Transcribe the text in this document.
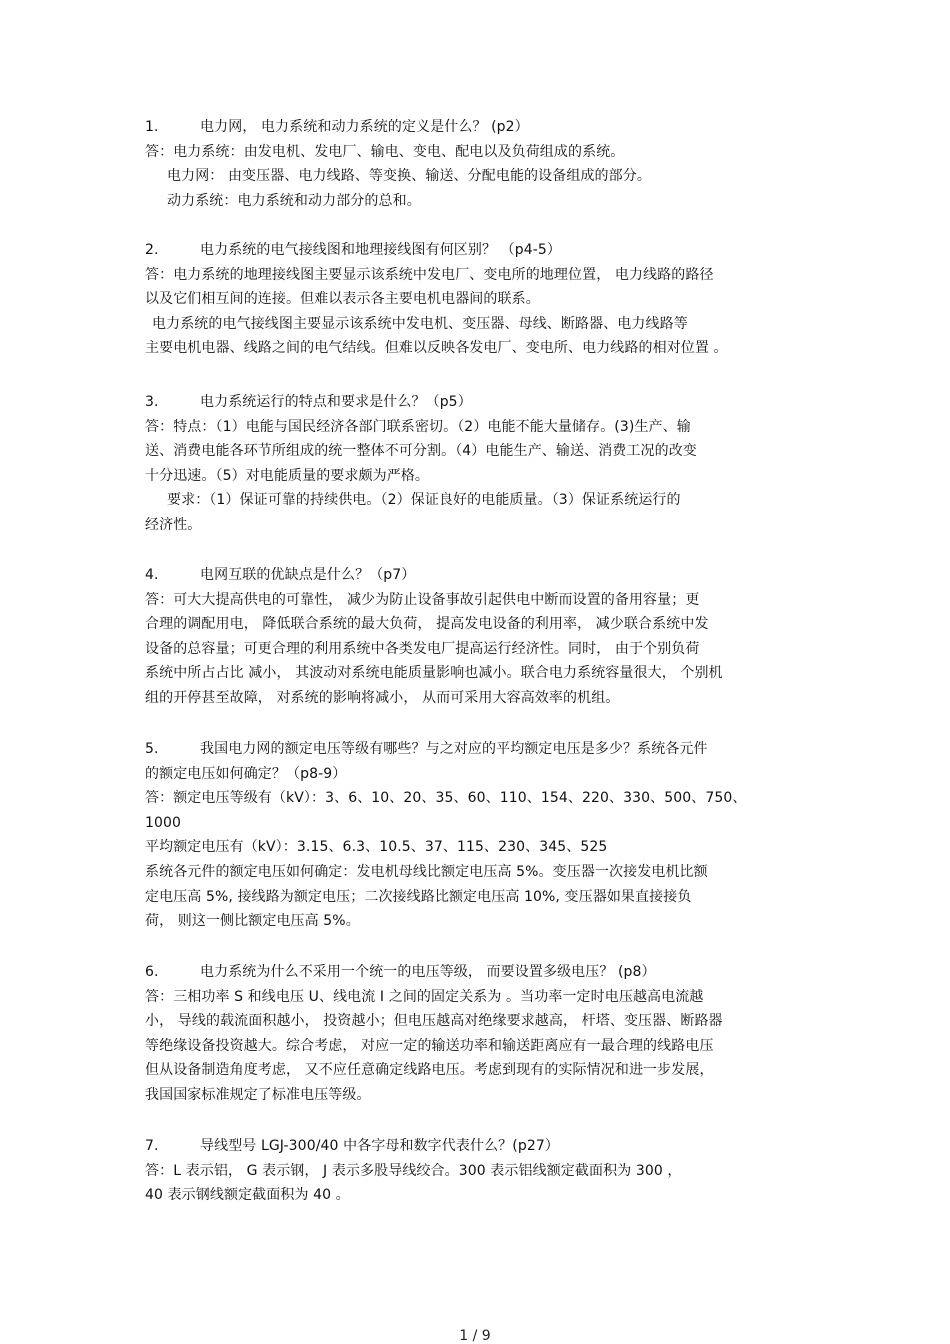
1.	电力网， 电力系统和动力系统的定义是什么？ (p2）
答：电力系统：由发电机、发电厂、输电、变电、配电以及负荷组成的系统。
电力网： 由变压器、电力线路、等变换、输送、分配电能的设备组成的部分。
动力系统：电力系统和动力部分的总和。
2.	电力系统的电气接线图和地理接线图有何区别？ （p4-5）
答：电力系统的地理接线图主要显示该系统中发电厂、变电所的地理位置， 电力线路的路径
以及它们相互间的连接。但难以表示各主要电机电器间的联系。
电力系统的电气接线图主要显示该系统中发电机、变压器、母线、断路器、电力线路等
主要电机电器、线路之间的电气结线。但难以反映各发电厂、变电所、电力线路的相对位置 。
3.	电力系统运行的特点和要求是什么？（p5）
答：特点：（1）电能与国民经济各部门联系密切。（2）电能不能大量储存。(3)生产、输
送、消费电能各环节所组成的统一整体不可分割。（4）电能生产、输送、消费工况的改变
十分迅速。（5）对电能质量的要求颇为严格。
要求：（1）保证可靠的持续供电。（2）保证良好的电能质量。（3）保证系统运行的
经济性。
4.	电网互联的优缺点是什么？（p7）
答：可大大提高供电的可靠性， 减少为防止设备事故引起供电中断而设置的备用容量；更
合理的调配用电， 降低联合系统的最大负荷， 提高发电设备的利用率， 减少联合系统中发
设备的总容量；可更合理的利用系统中各类发电厂提高运行经济性。同时， 由于个别负荷
系统中所占占比 减小， 其波动对系统电能质量影响也减小。联合电力系统容量很大， 个别机
组的开停甚至故障， 对系统的影响将减小， 从而可采用大容高效率的机组。
5.	我国电力网的额定电压等级有哪些？与之对应的平均额定电压是多少？系统各元件
的额定电压如何确定？（p8-9）
答：额定电压等级有（kV）：3、6、10、20、35、60、110、154、220、330、500、750、
1000
平均额定电压有（kV）：3.15、6.3、10.5、37、115、230、345、525
系统各元件的额定电压如何确定：发电机母线比额定电压高 5%。变压器一次接发电机比额
定电压高 5%, 接线路为额定电压；二次接线路比额定电压高 10%, 变压器如果直接接负
荷， 则这一侧比额定电压高 5%。
6.	电力系统为什么不采用一个统一的电压等级， 而要设置多级电压？ (p8）
答：三相功率 S 和线电压 U、线电流 I 之间的固定关系为 。当功率一定时电压越高电流越
小， 导线的载流面积越小， 投资越小；但电压越高对绝缘要求越高， 杆塔、变压器、断路器
等绝缘设备投资越大。综合考虑， 对应一定的输送功率和输送距离应有一最合理的线路电压
但从设备制造角度考虑， 又不应任意确定线路电压。考虑到现有的实际情况和进一步发展，
我国国家标准规定了标准电压等级。
7.	导线型号 LGJ-300/40 中各字母和数字代表什么？(p27）
答：L 表示铝， G 表示钢， J 表示多股导线绞合。300 表示铝线额定截面积为 300 ，
40 表示钢线额定截面积为 40 。
1 / 9
